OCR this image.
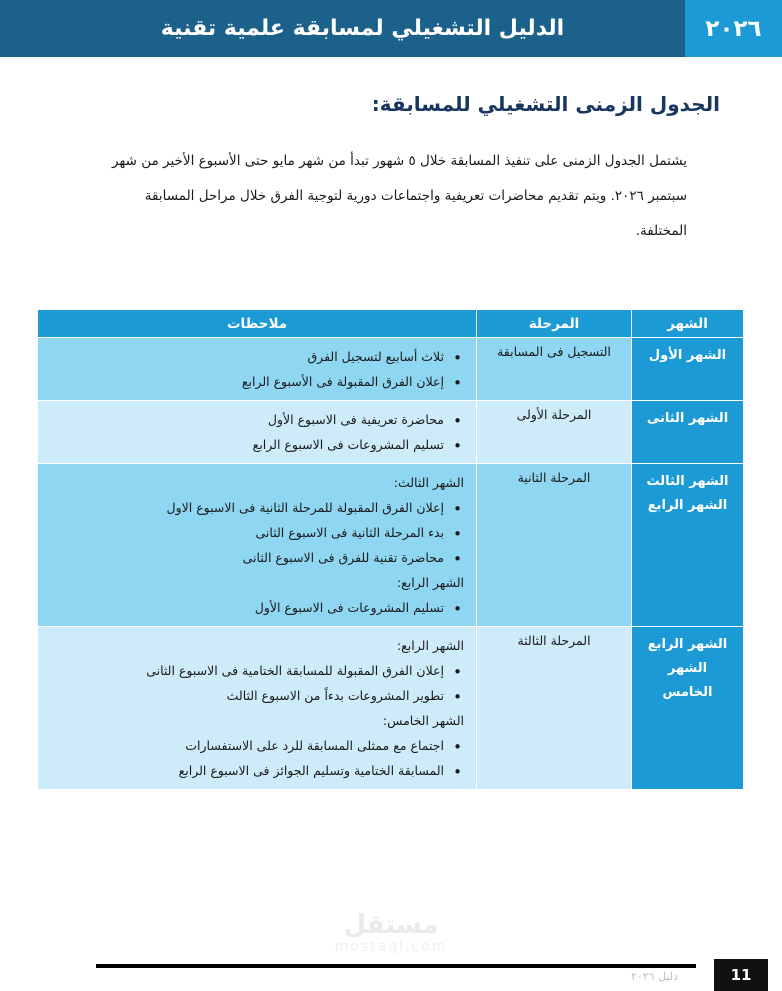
٢٠٢٦
الدليل التشغيلي لمسابقة علمية تقنية
الجدول الزمنى التشغيلي للمسابقة:

يشتمل الجدول الزمنى على تنفيذ المسابقة خلال ٥ شهور تبدأ من شهر مايو حتى الأسبوع الأخير من شهر سبتمبر ٢٠٢٦. ويتم تقديم محاضرات تعريفية واجتماعات دورية لتوجية الفرق خلال مراحل المسابقة المختلفة.

الشهر	المرحلة	ملاحظات

الشهر الأول
	التسجيل فى المسابقة	
• ثلاث أسابيع لتسجيل الفرق
• إعلان الفرق المقبولة فى الأسبوع الرابع

الشهر الثانى
	المرحلة الأولى	
• محاضرة تعريفية فى الاسبوع الأول
• تسليم المشروعات فى الاسبوع الرابع

الشهر الثالث
الشهر الرابع
	المرحلة الثانية	
الشهر الثالث:
• إعلان الفرق المقبولة للمرحلة الثانية فى الاسبوع الاول
• بدء المرحلة الثانية فى الاسبوع الثانى
• محاضرة تقنية للفرق فى الاسبوع الثانى
الشهر الرابع:
• تسليم المشروعات فى الاسبوع الأول

الشهر الرابع
الشهر الخامس
	المرحلة الثالثة	
الشهر الرابع:
• إعلان الفرق المقبولة للمسابقة الختامية فى الاسبوع الثانى
• تطوير المشروعات بدءاً من الاسبوع الثالث
الشهر الخامس:
• اجتماع مع ممثلى المسابقة للرد على الاستفسارات
• المسابقة الختامية وتسليم الجوائز فى الاسبوع الرابع
مستقل
mostaql.com
دليل ٢٠٢٦	11
